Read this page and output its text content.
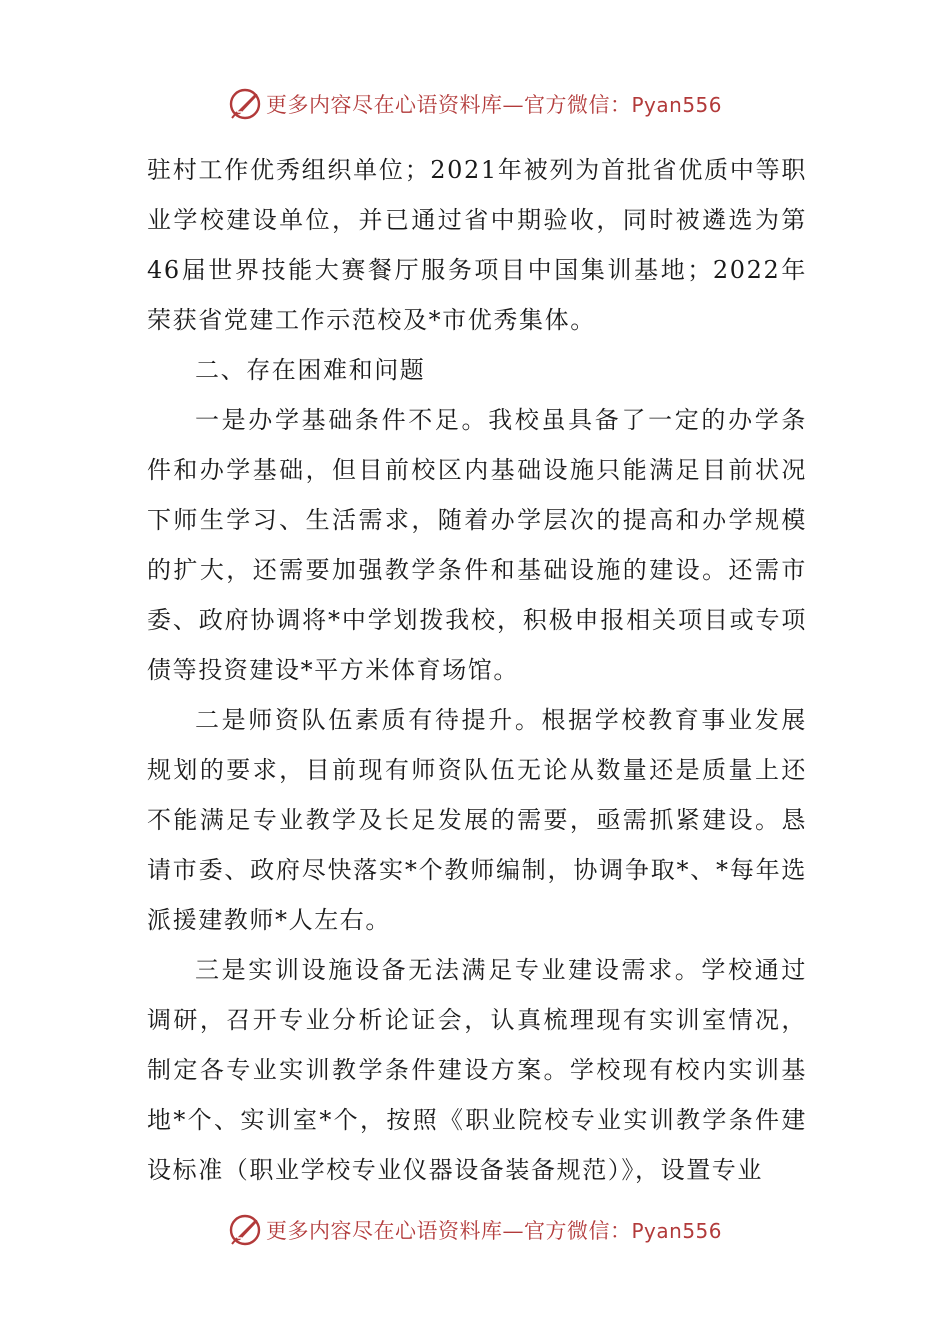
更多内容尽在心语资料库—官方微信：Pyan556

驻村工作优秀组织单位；2021年被列为首批省优质中等职业学校建设单位，并已通过省中期验收，同时被遴选为第46届世界技能大赛餐厅服务项目中国集训基地；2022年荣获省党建工作示范校及*市优秀集体。

二、存在困难和问题

一是办学基础条件不足。我校虽具备了一定的办学条件和办学基础，但目前校区内基础设施只能满足目前状况下师生学习、生活需求，随着办学层次的提高和办学规模的扩大，还需要加强教学条件和基础设施的建设。还需市委、政府协调将*中学划拨我校，积极申报相关项目或专项债等投资建设*平方米体育场馆。

二是师资队伍素质有待提升。根据学校教育事业发展规划的要求，目前现有师资队伍无论从数量还是质量上还不能满足专业教学及长足发展的需要，亟需抓紧建设。恳请市委、政府尽快落实*个教师编制，协调争取*、*每年选派援建教师*人左右。

三是实训设施设备无法满足专业建设需求。学校通过调研，召开专业分析论证会，认真梳理现有实训室情况，制定各专业实训教学条件建设方案。学校现有校内实训基地*个、实训室*个，按照《职业院校专业实训教学条件建设标准（职业学校专业仪器设备装备规范）》，设置专业

更多内容尽在心语资料库—官方微信：Pyan556
